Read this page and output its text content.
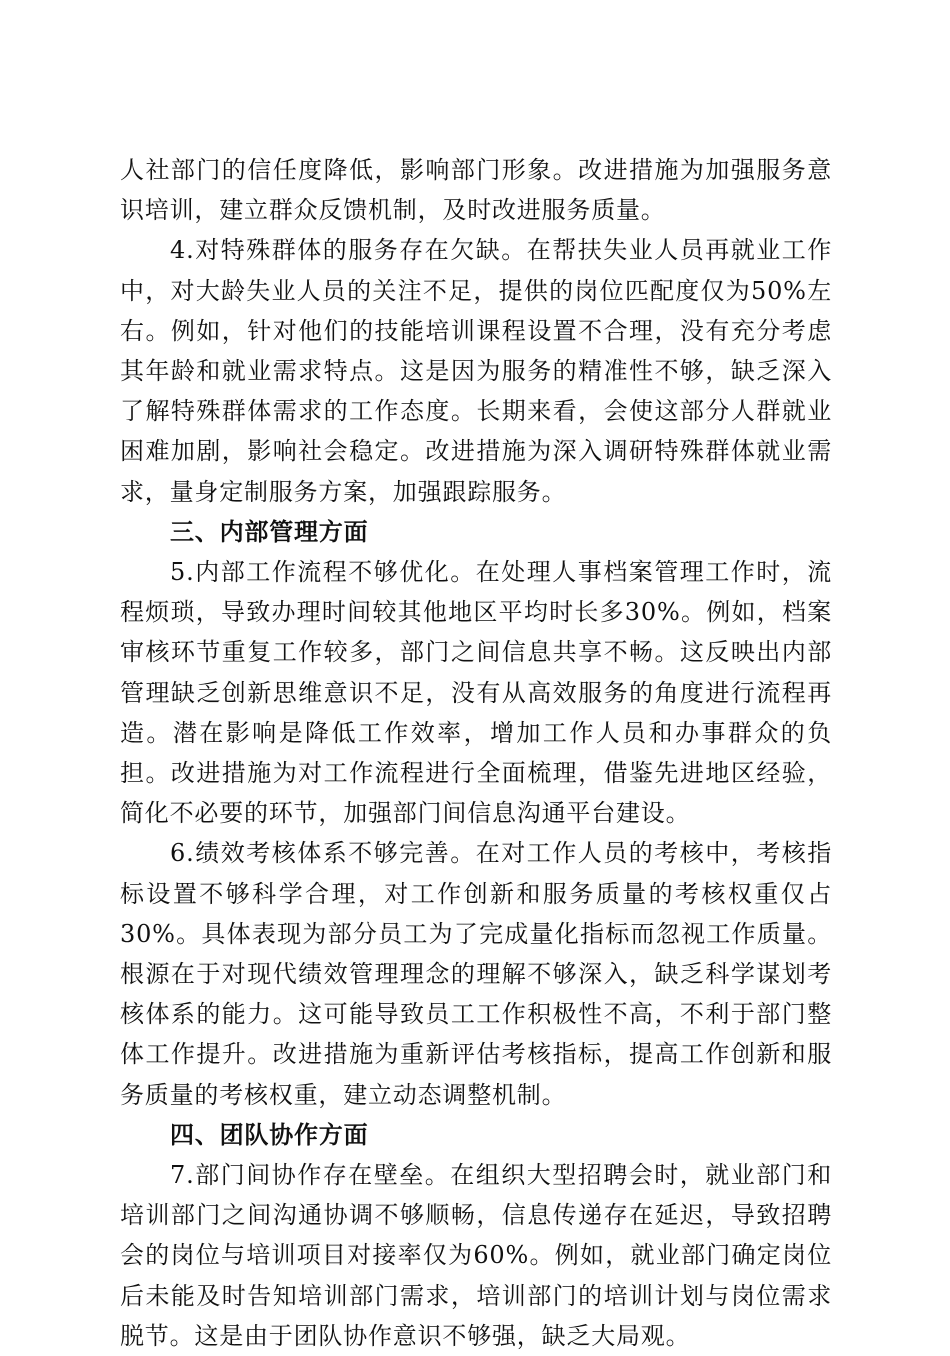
人社部门的信任度降低，影响部门形象。改进措施为加强服务意识培训，建立群众反馈机制，及时改进服务质量。

4.对特殊群体的服务存在欠缺。在帮扶失业人员再就业工作中，对大龄失业人员的关注不足，提供的岗位匹配度仅为50%左右。例如，针对他们的技能培训课程设置不合理，没有充分考虑其年龄和就业需求特点。这是因为服务的精准性不够，缺乏深入了解特殊群体需求的工作态度。长期来看，会使这部分人群就业困难加剧，影响社会稳定。改进措施为深入调研特殊群体就业需求，量身定制服务方案，加强跟踪服务。

三、内部管理方面

5.内部工作流程不够优化。在处理人事档案管理工作时，流程烦琐，导致办理时间较其他地区平均时长多30%。例如，档案审核环节重复工作较多，部门之间信息共享不畅。这反映出内部管理缺乏创新思维意识不足，没有从高效服务的角度进行流程再造。潜在影响是降低工作效率，增加工作人员和办事群众的负担。改进措施为对工作流程进行全面梳理，借鉴先进地区经验，简化不必要的环节，加强部门间信息沟通平台建设。

6.绩效考核体系不够完善。在对工作人员的考核中，考核指标设置不够科学合理，对工作创新和服务质量的考核权重仅占30%。具体表现为部分员工为了完成量化指标而忽视工作质量。根源在于对现代绩效管理理念的理解不够深入，缺乏科学谋划考核体系的能力。这可能导致员工工作积极性不高，不利于部门整体工作提升。改进措施为重新评估考核指标，提高工作创新和服务质量的考核权重，建立动态调整机制。

四、团队协作方面

7.部门间协作存在壁垒。在组织大型招聘会时，就业部门和培训部门之间沟通协调不够顺畅，信息传递存在延迟，导致招聘会的岗位与培训项目对接率仅为60%。例如，就业部门确定岗位后未能及时告知培训部门需求，培训部门的培训计划与岗位需求脱节。这是由于团队协作意识不够强，缺乏大局观。
